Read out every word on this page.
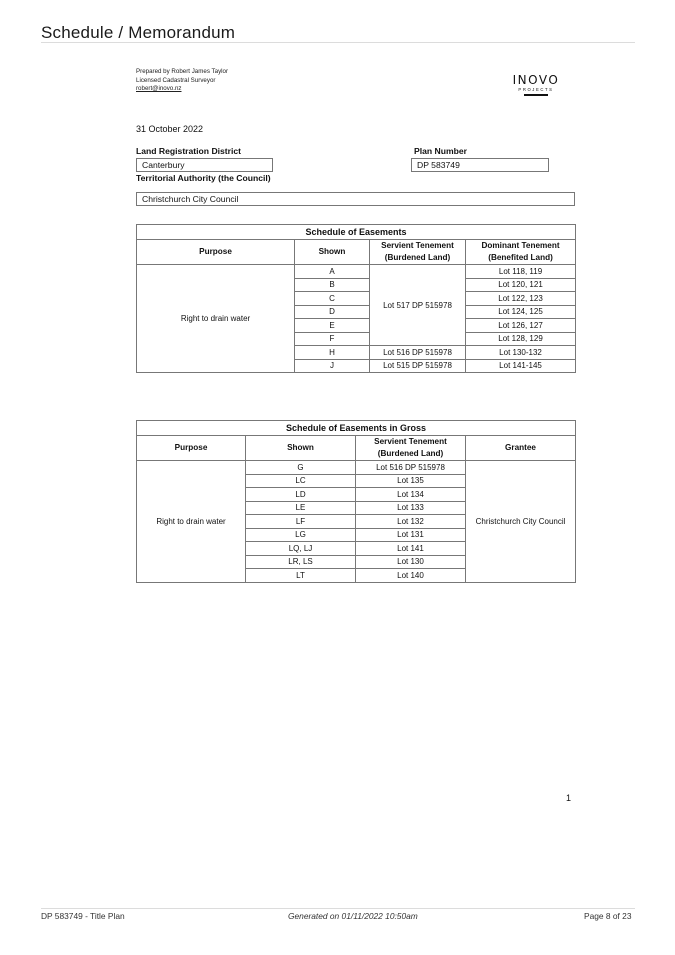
Schedule / Memorandum
Prepared by Robert James Taylor
Licensed Cadastral Surveyor
robert@inovo.nz
INOVO
PROJECTS
31 October 2022
Land Registration District
Canterbury
Plan Number
DP 583749
Territorial Authority (the Council)
Christchurch City Council
Schedule of Easements			
Purpose	Shown	Servient Tenement
(Burdened Land)	Dominant Tenement
(Benefited Land)
Right to drain water	A	Lot 517 DP 515978	Lot 118, 119
	B		Lot 120, 121
	C		Lot 122, 123
	D		Lot 124, 125
	E		Lot 126, 127
	F		Lot 128, 129
	H	Lot 516 DP 515978	Lot 130-132
	J	Lot 515 DP 515978	Lot 141-145
Schedule of Easements in Gross			
Purpose	Shown	Servient Tenement
(Burdened Land)	Grantee
Right to drain water	G	Lot 516 DP 515978	Christchurch City Council
	LC	Lot 135	
	LD	Lot 134	
	LE	Lot 133	
	LF	Lot 132	
	LG	Lot 131	
	LQ, LJ	Lot 141	
	LR, LS	Lot 130	
	LT	Lot 140	
1
DP 583749 - Title Plan	Generated on 01/11/2022 10:50am	Page 8 of 23
